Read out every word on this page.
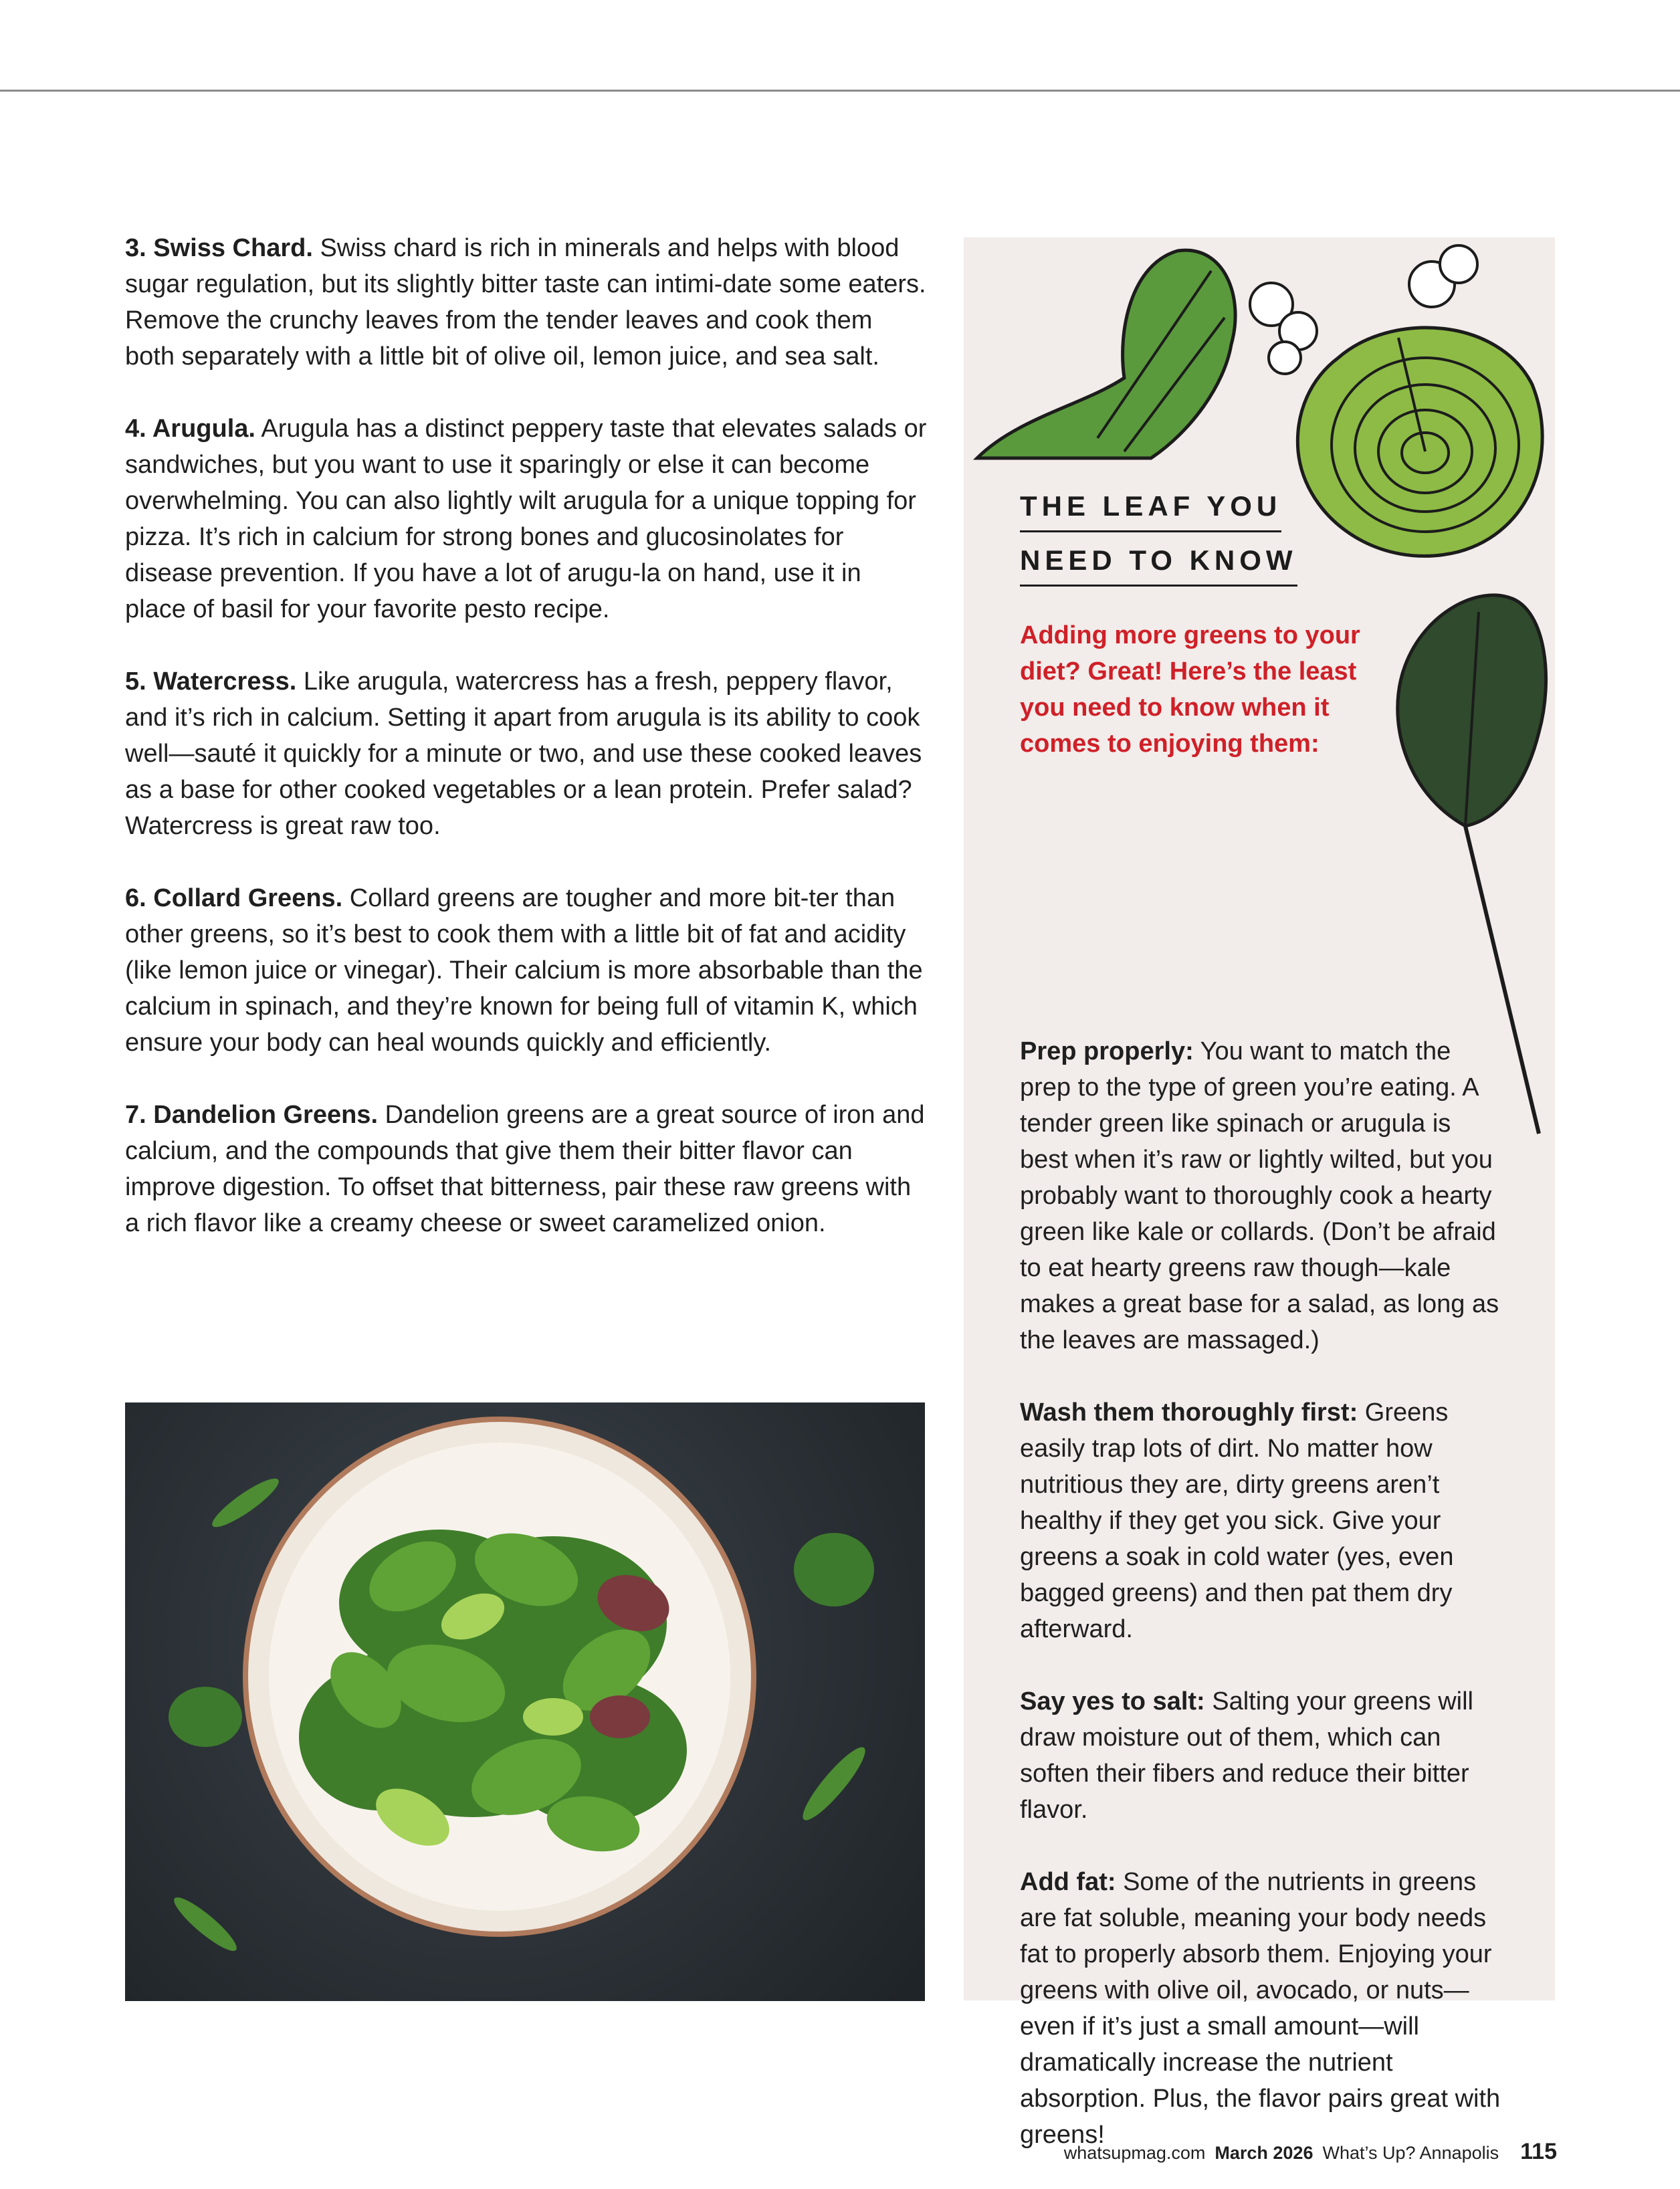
3. Swiss Chard. Swiss chard is rich in minerals and helps with blood sugar regulation, but its slightly bitter taste can intimi-date some eaters. Remove the crunchy leaves from the tender leaves and cook them both separately with a little bit of olive oil, lemon juice, and sea salt.

4. Arugula. Arugula has a distinct peppery taste that elevates salads or sandwiches, but you want to use it sparingly or else it can become overwhelming. You can also lightly wilt arugula for a unique topping for pizza. It’s rich in calcium for strong bones and glucosinolates for disease prevention. If you have a lot of arugu-la on hand, use it in place of basil for your favorite pesto recipe.

5. Watercress. Like arugula, watercress has a fresh, peppery flavor, and it’s rich in calcium. Setting it apart from arugula is its ability to cook well—sauté it quickly for a minute or two, and use these cooked leaves as a base for other cooked vegetables or a lean protein. Prefer salad? Watercress is great raw too.

6. Collard Greens. Collard greens are tougher and more bit-ter than other greens, so it’s best to cook them with a little bit of fat and acidity (like lemon juice or vinegar). Their calcium is more absorbable than the calcium in spinach, and they’re known for being full of vitamin K, which ensure your body can heal wounds quickly and efficiently.

7. Dandelion Greens. Dandelion greens are a great source of iron and calcium, and the compounds that give them their bitter flavor can improve digestion. To offset that bitterness, pair these raw greens with a rich flavor like a creamy cheese or sweet caramelized onion.

THE LEAF YOU
NEED TO KNOW
Adding more greens to your diet? Great! Here’s the least you need to know when it comes to enjoying them:

Prep properly: You want to match the prep to the type of green you’re eating. A tender green like spinach or arugula is best when it’s raw or lightly wilted, but you probably want to thoroughly cook a hearty green like kale or collards. (Don’t be afraid to eat hearty greens raw though—kale makes a great base for a salad, as long as the leaves are massaged.)

Wash them thoroughly first: Greens easily trap lots of dirt. No matter how nutritious they are, dirty greens aren’t healthy if they get you sick. Give your greens a soak in cold water (yes, even bagged greens) and then pat them dry afterward.

Say yes to salt: Salting your greens will draw moisture out of them, which can soften their fibers and reduce their bitter flavor.

Add fat: Some of the nutrients in greens are fat soluble, meaning your body needs fat to properly absorb them. Enjoying your greens with olive oil, avocado, or nuts—even if it’s just a small amount—will dramatically increase the nutrient absorption. Plus, the flavor pairs great with greens!

whatsupmag.com March 2026 What’s Up? Annapolis 115
